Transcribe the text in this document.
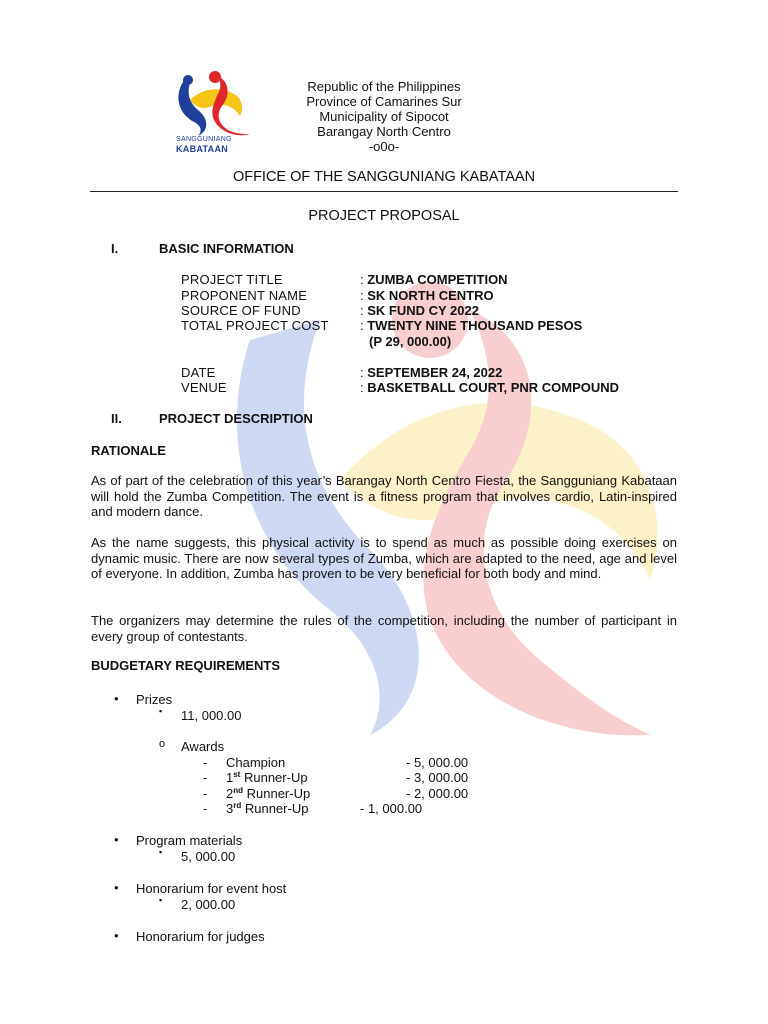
SANGGUNIANG
KABATAAN
Republic of the Philippines
Province of Camarines Sur
Municipality of Sipocot
Barangay North Centro
-o0o-
OFFICE OF THE SANGGUNIANG KABATAAN
PROJECT PROPOSAL
I.	BASIC INFORMATION
PROJECT TITLE	: ZUMBA COMPETITION
PROPONENT NAME	: SK NORTH CENTRO
SOURCE OF FUND	: SK FUND CY 2022
TOTAL PROJECT COST : TWENTY NINE THOUSAND PESOS
(P 29, 000.00)
DATE	: SEPTEMBER 24, 2022
VENUE	: BASKETBALL COURT, PNR COMPOUND
II.	PROJECT DESCRIPTION
RATIONALE
As of part of the celebration of this year’s Barangay North Centro Fiesta, the Sangguniang Kabataan will hold the Zumba Competition. The event is a fitness program that involves cardio, Latin-inspired and modern dance.
As the name suggests, this physical activity is to spend as much as possible doing exercises on dynamic music. There are now several types of Zumba, which are adapted to the need, age and level of everyone. In addition, Zumba has proven to be very beneficial for both body and mind.
The organizers may determine the rules of the competition, including the number of participant in every group of contestants.
BUDGETARY REQUIREMENTS
• Prizes
▪ 11, 000.00
o Awards
- Champion	- 5, 000.00
- 1st Runner-Up	- 3, 000.00
- 2nd Runner-Up	- 2, 000.00
- 3rd Runner-Up	- 1, 000.00
• Program materials
▪ 5, 000.00
• Honorarium for event host
▪ 2, 000.00
• Honorarium for judges
